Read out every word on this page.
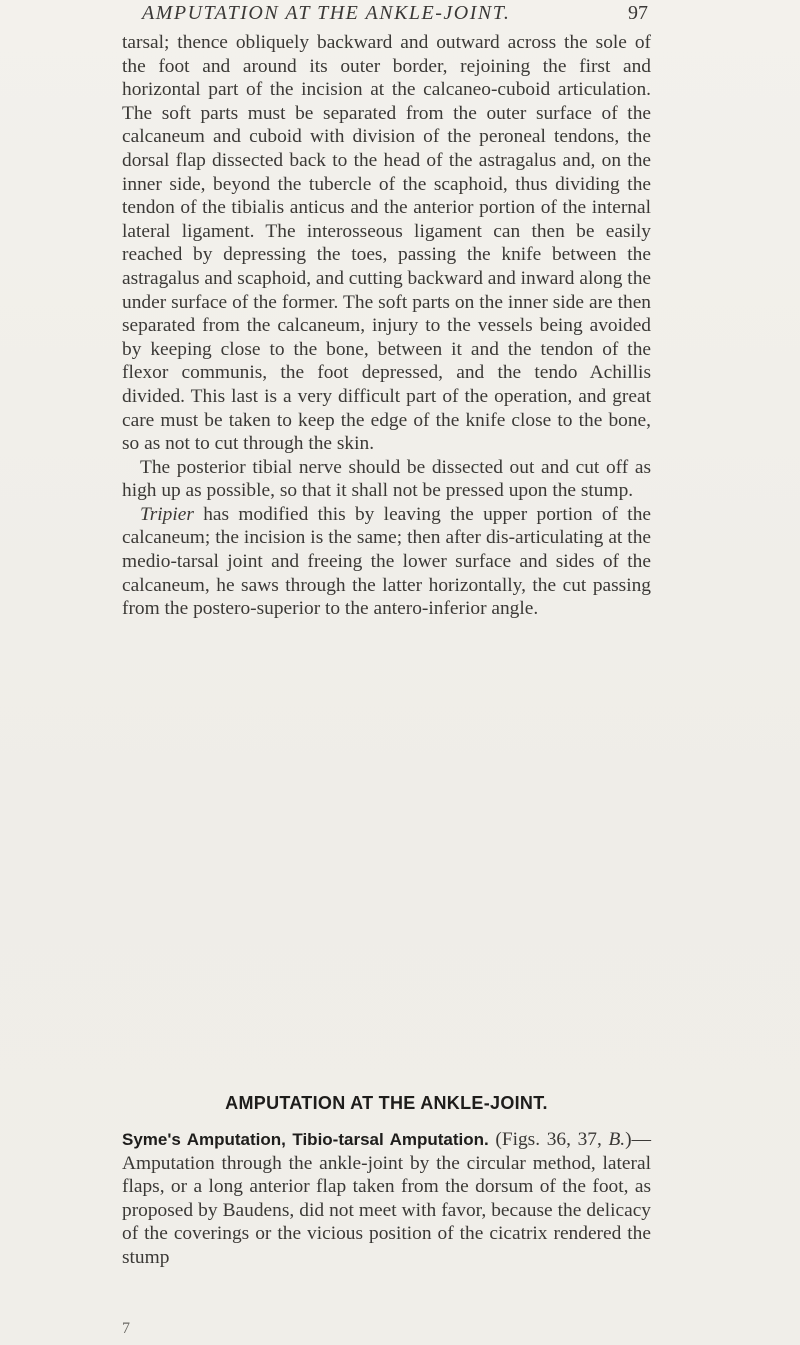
AMPUTATION AT THE ANKLE-JOINT.	97

tarsal; thence obliquely backward and outward across the sole of the foot and around its outer border, rejoining the first and horizontal part of the incision at the calcaneo-cuboid articulation. The soft parts must be separated from the outer surface of the calcaneum and cuboid with division of the peroneal tendons, the dorsal flap dissected back to the head of the astragalus and, on the inner side, beyond the tubercle of the scaphoid, thus dividing the tendon of the tibialis anticus and the anterior portion of the internal lateral ligament. The interosseous ligament can then be easily reached by depressing the toes, passing the knife between the astragalus and scaphoid, and cutting backward and inward along the under surface of the former. The soft parts on the inner side are then separated from the calcaneum, injury to the vessels being avoided by keeping close to the bone, between it and the tendon of the flexor communis, the foot depressed, and the tendo Achillis divided. This last is a very difficult part of the operation, and great care must be taken to keep the edge of the knife close to the bone, so as not to cut through the skin.

The posterior tibial nerve should be dissected out and cut off as high up as possible, so that it shall not be pressed upon the stump.

Tripier has modified this by leaving the upper portion of the calcaneum; the incision is the same; then after dis-articulating at the medio-tarsal joint and freeing the lower surface and sides of the calcaneum, he saws through the latter horizontally, the cut passing from the postero-superior to the antero-inferior angle.

AMPUTATION AT THE ANKLE-JOINT.
Syme's Amputation, Tibio-tarsal Amputation. (Figs. 36, 37, B.)—Amputation through the ankle-joint by the circular method, lateral flaps, or a long anterior flap taken from the dorsum of the foot, as proposed by Baudens, did not meet with favor, because the delicacy of the coverings or the vicious position of the cicatrix rendered the stump
7
